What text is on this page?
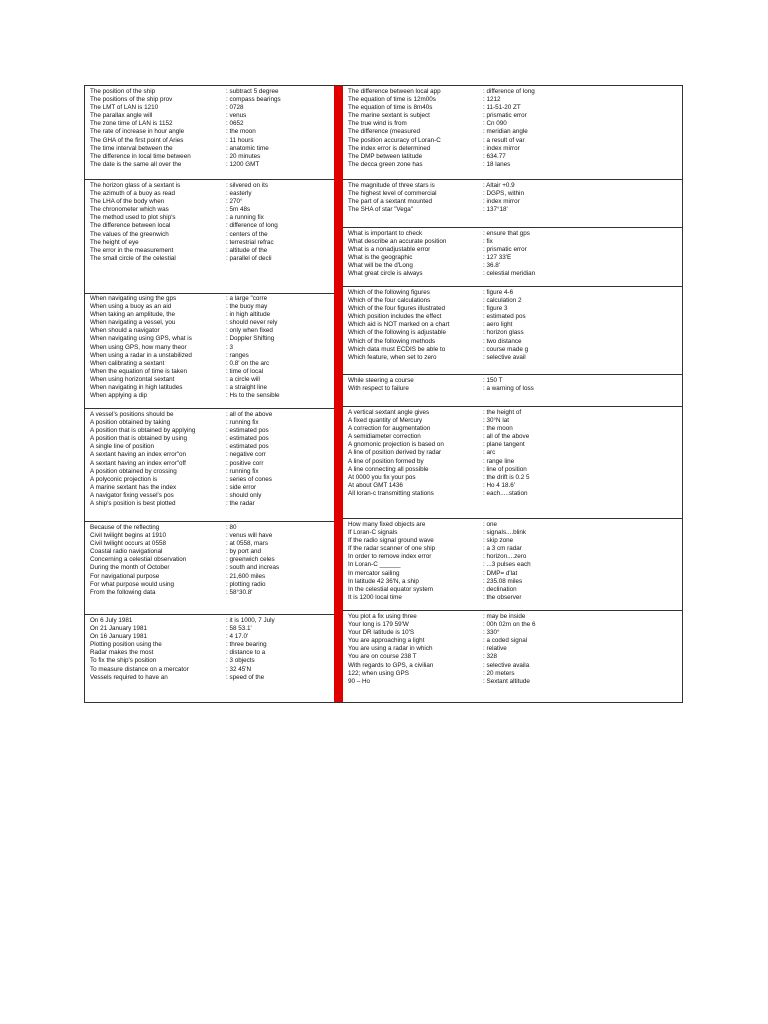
The position of the ship	: subtract 5 degree
The positions of the ship prov	: compass bearings
The LMT of LAN is 1210	: 0728
The parallax angle will	: venus
The zone time of LAN is 1152	: 0652
The rate of increase in hour angle	: the moon
The GHA of the first point of Aries	: 11 hours
The time interval between the	: anatomic time
The difference in local time between	: 20 minutes
The date is the same all over the	: 1200 GMT
The horizon glass of a sextant is	: silvered on its
The azimuth of a buoy as read	: easterly
The LHA of the body when	: 270°
The chronometer which was	: 5m 48s
The method used to plot ship's	: a running fix
The difference between local	: difference of long
The values of the greenwich	: centers of the
The height of eye	: terrestrial refrac
The error in the measurement	: altitude of the
The small circle of the celestial	: parallel of decli
When navigating using the gps	: a large "corre
When using a buoy as an aid	: the buoy may
When taking an amplitude, the	: in high altitude
When navigating a vessel, you	: should never rely
When should a navigator	: only when fixed
When navigating using GPS, what is	: Doppler Shifting
When using GPS, how many theor	: 3
When using a radar in a unstabilized	: ranges
When calibrating a sextant	: 0.8' on the arc
When the equation of time is taken	: time of local
When using horizontal sextant	: a circle will
When navigating in high latitudes	: a straight line
When applying a dip	: Hs to the sensible
A vessel's positions should be	: all of the above
A position obtained by taking	: running fix
A position that is obtained by applying	: estimated pos
A position that is obtained by using	: estimated pos
A single line of position	: estimated pos
A sextant having an index error"on	: negative corr
A sextant having an index error"off	: positive corr
A position obtained by crossing	: running fix
A polyconic projection is	: series of cones
A marine sextant has the index	: side error
A navigator fixing vessel's pos	: should only
A ship's position is best plotted	: the radar
Because of the reflecting	: 80
Civil twilight begins at 1910	: venus will have
Civil twilight occurs at 0558	: at 0558, mars
Coastal radio navigational	: by port and
Concerning a celestial observation	: greenwich celes
During the month of October	: south and increas
For navigational purpose	: 21,600 miles
For what purpose would using	: plotting radio
From the following data	: 58°30.8'
On 6 July 1981	: it is 1000, 7 July
On 21 January 1981	: 58 53.1'
On 16 January 1981	: 4 17.0'
Plotting position using the	: three bearing
Radar makes the most	: distance to a
To fix the ship's position	: 3 objects
To measure distance on a mercator	: 32 45'N
Vessels required to have an	: speed of the
The difference between local app	: difference of long
The equation of time is 12m00s	: 1212
The equation of time is 8m40s	: 11-51-20 ZT
The marine sextant is subject	: prismatic error
The true wind is from	: Cn 090
The difference (measured	: meridian angle
The position accuracy of Loran-C	: a result of var
The index error is determined	: index mirror
The DMP between latitude	: 634.77
The decca green zone has	: 18 lanes
The magnitude of three stars is	: Altair +0.9
The highest level of commercial	: DGPS, within
The part of a sextant mounted	: index mirror
The SHA of star "Vega"	: 137°18'
What is important to check	: ensure that gps
What describe an accurate position	: fix
What is a nonadjustable error	: prismatic error
What is the geographic	: 127 33'E
What will be the d'Long	: 36.8'
What great circle is always	: celestial meridian
Which of the following figures	: figure 4-6
Which of the four calculations	: calculation 2
Which of the four figures illustrated	: figure 3
Which position includes the effect	: estimated pos
Which aid is NOT marked on a chart	: aero light
Which of the following is adjustable	: horizon glass
Which of the following methods	: two distance
Which data must ECDIS be able to	: course made g
Which feature, when set to zero	: selective avail
While steering a course	: 150 T
With respect to failure	: a warning of loss
A vertical sextant angle gives	: the height of
A fixed quantity of Mercury	: 30°N lat
A correction for augmentation	: the moon
A semidiameter correction	: all of the above
A gnomonic projection is based on	: plane tangent
A line of position derived by radar	: arc
A line of position formed by	: range line
A line connecting all possible	: line of position
At 0000 you fix your pos	: the drift is 0.2 5
At about GMT 1436	: Ho 4 18.6'
All loran-c transmitting stations	: each.....station
How many fixed objects are	: one
If Loran-C signals	: signals....blink
If the radio signal ground wave	: skip zone
If the radar scanner of one ship	: a 3 cm radar
In order to remove index error	: horizon....zero
In Loran-C ______	: ...3 pulses each
In mercator sailing	: DMP= d'lat
In latitude 42 36'N, a ship	: 235.08 miles
In the celestial equator system	: declination
It is 1200 local time	: the observer
You plot a fix using three	: may be inside
Your long is 179 59'W	: 00h 02m on the 6
Your DR latitude is 10'S	: 330°
You are approaching a light	: a coded signal
You are using a radar in which	: relative
You are on course 238 T	: 328
With regards to GPS, a civilian	: selective availa
122; when using GPS	: 20 meters
90 – Ho	: Sextant altitude
